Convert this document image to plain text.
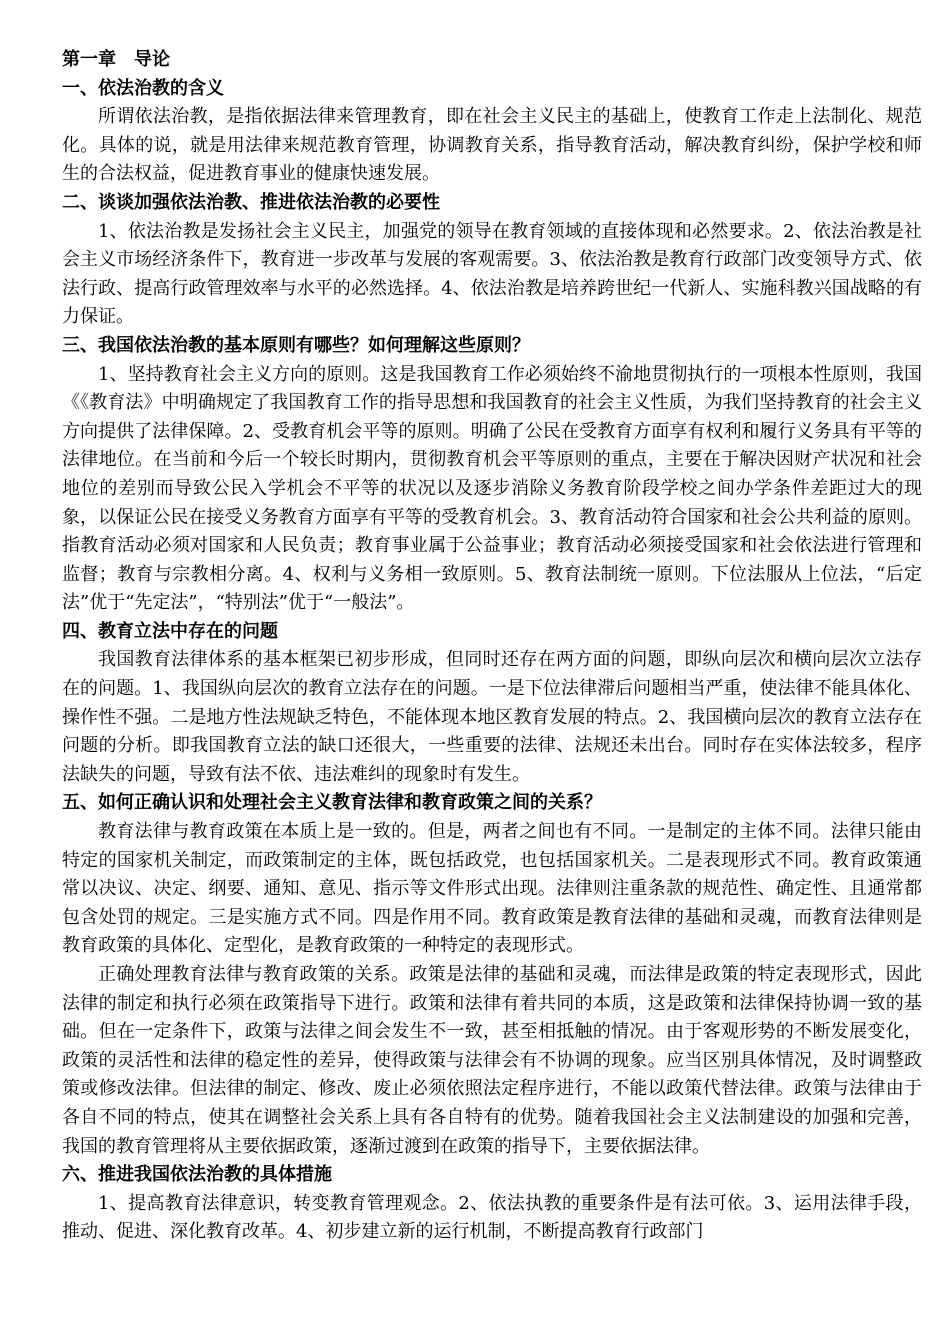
第一章　导论

一、依法治教的含义

所谓依法治教，是指依据法律来管理教育，即在社会主义民主的基础上，使教育工作走上法制化、规范化。具体的说，就是用法律来规范教育管理，协调教育关系，指导教育活动，解决教育纠纷，保护学校和师生的合法权益，促进教育事业的健康快速发展。

二、谈谈加强依法治教、推进依法治教的必要性

1、依法治教是发扬社会主义民主，加强党的领导在教育领域的直接体现和必然要求。2、依法治教是社会主义市场经济条件下，教育进一步改革与发展的客观需要。3、依法治教是教育行政部门改变领导方式、依法行政、提高行政管理效率与水平的必然选择。4、依法治教是培养跨世纪一代新人、实施科教兴国战略的有力保证。

三、我国依法治教的基本原则有哪些？如何理解这些原则？

1、坚持教育社会主义方向的原则。这是我国教育工作必须始终不渝地贯彻执行的一项根本性原则，我国《《教育法》中明确规定了我国教育工作的指导思想和我国教育的社会主义性质，为我们坚持教育的社会主义方向提供了法律保障。2、受教育机会平等的原则。明确了公民在受教育方面享有权利和履行义务具有平等的法律地位。在当前和今后一个较长时期内，贯彻教育机会平等原则的重点，主要在于解决因财产状况和社会地位的差别而导致公民入学机会不平等的状况以及逐步消除义务教育阶段学校之间办学条件差距过大的现象，以保证公民在接受义务教育方面享有平等的受教育机会。3、教育活动符合国家和社会公共利益的原则。指教育活动必须对国家和人民负责；教育事业属于公益事业；教育活动必须接受国家和社会依法进行管理和监督；教育与宗教相分离。4、权利与义务相一致原则。5、教育法制统一原则。下位法服从上位法，“后定法”优于“先定法”，“特别法”优于“一般法”。

四、教育立法中存在的问题

我国教育法律体系的基本框架已初步形成，但同时还存在两方面的问题，即纵向层次和横向层次立法存在的问题。1、我国纵向层次的教育立法存在的问题。一是下位法律滞后问题相当严重，使法律不能具体化、操作性不强。二是地方性法规缺乏特色，不能体现本地区教育发展的特点。2、我国横向层次的教育立法存在问题的分析。即我国教育立法的缺口还很大，一些重要的法律、法规还未出台。同时存在实体法较多，程序法缺失的问题，导致有法不依、违法难纠的现象时有发生。

五、如何正确认识和处理社会主义教育法律和教育政策之间的关系？

教育法律与教育政策在本质上是一致的。但是，两者之间也有不同。一是制定的主体不同。法律只能由特定的国家机关制定，而政策制定的主体，既包括政党，也包括国家机关。二是表现形式不同。教育政策通常以决议、决定、纲要、通知、意见、指示等文件形式出现。法律则注重条款的规范性、确定性、且通常都包含处罚的规定。三是实施方式不同。四是作用不同。教育政策是教育法律的基础和灵魂，而教育法律则是教育政策的具体化、定型化，是教育政策的一种特定的表现形式。

正确处理教育法律与教育政策的关系。政策是法律的基础和灵魂，而法律是政策的特定表现形式，因此法律的制定和执行必须在政策指导下进行。政策和法律有着共同的本质，这是政策和法律保持协调一致的基础。但在一定条件下，政策与法律之间会发生不一致，甚至相抵触的情况。由于客观形势的不断发展变化，政策的灵活性和法律的稳定性的差异，使得政策与法律会有不协调的现象。应当区别具体情况，及时调整政策或修改法律。但法律的制定、修改、废止必须依照法定程序进行，不能以政策代替法律。政策与法律由于各自不同的特点，使其在调整社会关系上具有各自特有的优势。随着我国社会主义法制建设的加强和完善，我国的教育管理将从主要依据政策，逐渐过渡到在政策的指导下，主要依据法律。

六、推进我国依法治教的具体措施

1、提高教育法律意识，转变教育管理观念。2、依法执教的重要条件是有法可依。3、运用法律手段，推动、促进、深化教育改革。4、初步建立新的运行机制，不断提高教育行政部门
